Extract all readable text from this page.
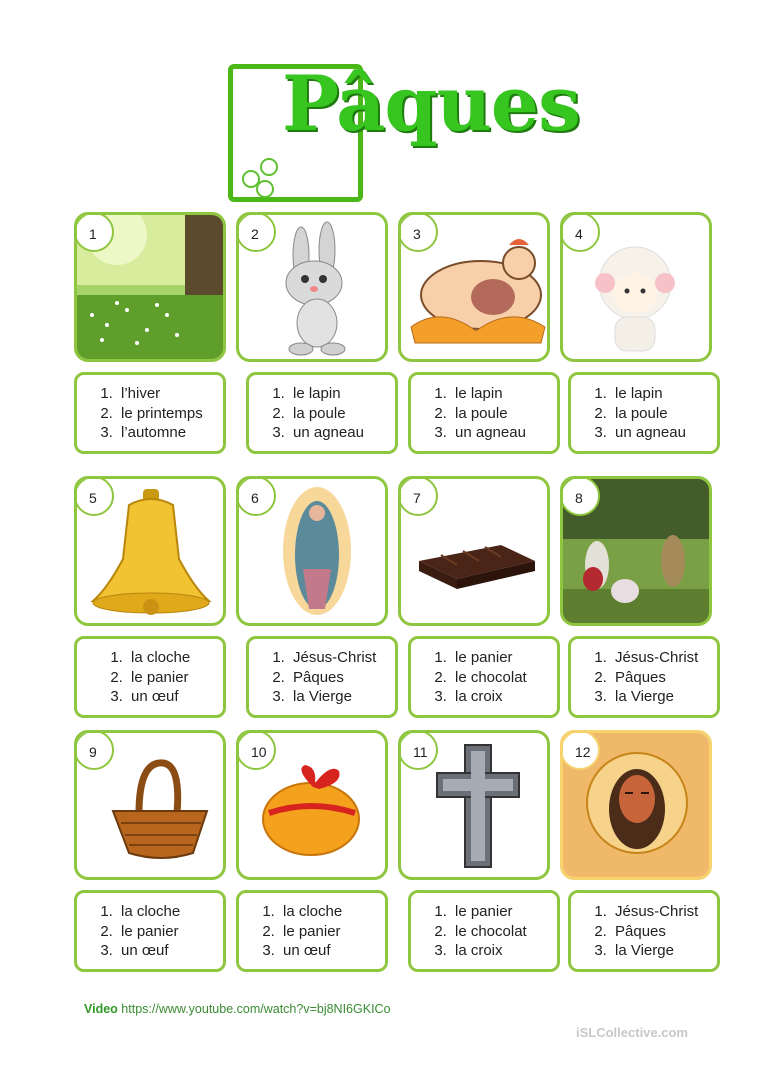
Pâques
1	2	3	4
1. l’hiver
2. le printemps
3. l’automne
1. le lapin
2. la poule
3. un agneau
1. le lapin
2. la poule
3. un agneau
1. le lapin
2. la poule
3. un agneau
5	6	7	8
1. la cloche
2. le panier
3. un œuf
1. Jésus-Christ
2. Pâques
3. la Vierge
1. le panier
2. le chocolat
3. la croix
1. Jésus-Christ
2. Pâques
3. la Vierge
9	10	11	12
1. la cloche
2. le panier
3. un œuf
1. la cloche
2. le panier
3. un œuf
1. le panier
2. le chocolat
3. la croix
1. Jésus-Christ
2. Pâques
3. la Vierge
Video https://www.youtube.com/watch?v=bj8NI6GKICo
iSLCollective.com
